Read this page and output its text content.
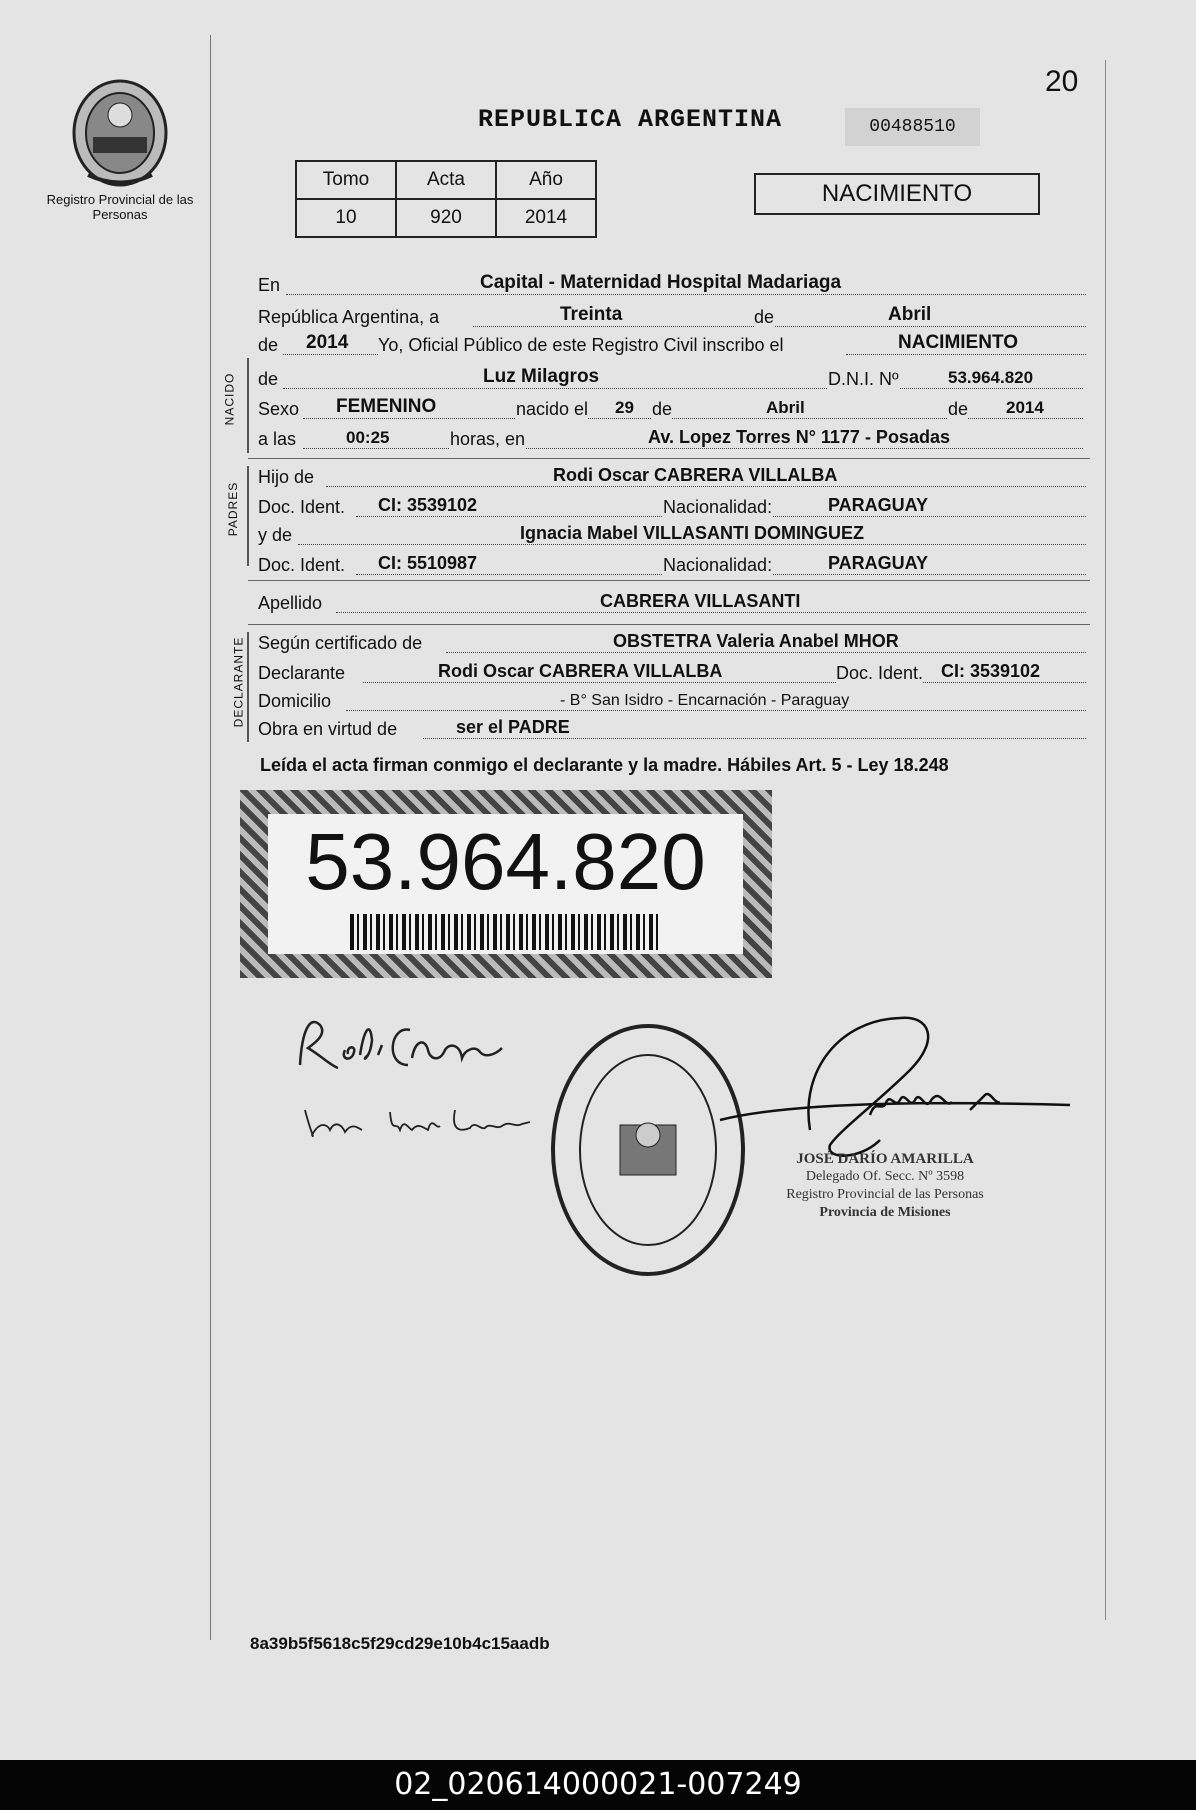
Registro Provincial de las Personas
20
REPUBLICA ARGENTINA	00488510
Tomo	Acta	Año
10	920	2014
NACIMIENTO
En	Capital - Maternidad Hospital Madariaga
República Argentina, a	Treinta	de	Abril
de 2014 Yo, Oficial Público de este Registro Civil inscribo el	NACIMIENTO
NACIDO de	Luz Milagros	D.N.I. Nº	53.964.820
Sexo FEMENINO	nacido el 29 de	Abril	de 2014
a las	00:25	horas, en	Av. Lopez Torres N° 1177 - Posadas
PADRES
Hijo de	Rodi Oscar CABRERA VILLALBA
Doc. Ident. CI: 3539102	Nacionalidad:	PARAGUAY
y de	Ignacia Mabel VILLASANTI DOMINGUEZ
Doc. Ident. CI: 5510987	Nacionalidad:	PARAGUAY
Apellido	CABRERA VILLASANTI
DECLARANTE Según certificado de	OBSTETRA Valeria Anabel MHOR
Declarante	Rodi Oscar CABRERA VILLALBA	Doc. Ident. CI: 3539102
Domicilio	- B° San Isidro - Encarnación - Paraguay
Obra en virtud de	ser el PADRE
Leída el acta firman conmigo el declarante y la madre. Hábiles Art. 5 - Ley 18.248
53.964.820
JOSÉ DARÍO AMARILLA
Delegado Of. Secc. Nº 3598
Registro Provincial de las Personas
Provincia de Misiones
8a39b5f5618c5f29cd29e10b4c15aadb
02_020614000021-007249
